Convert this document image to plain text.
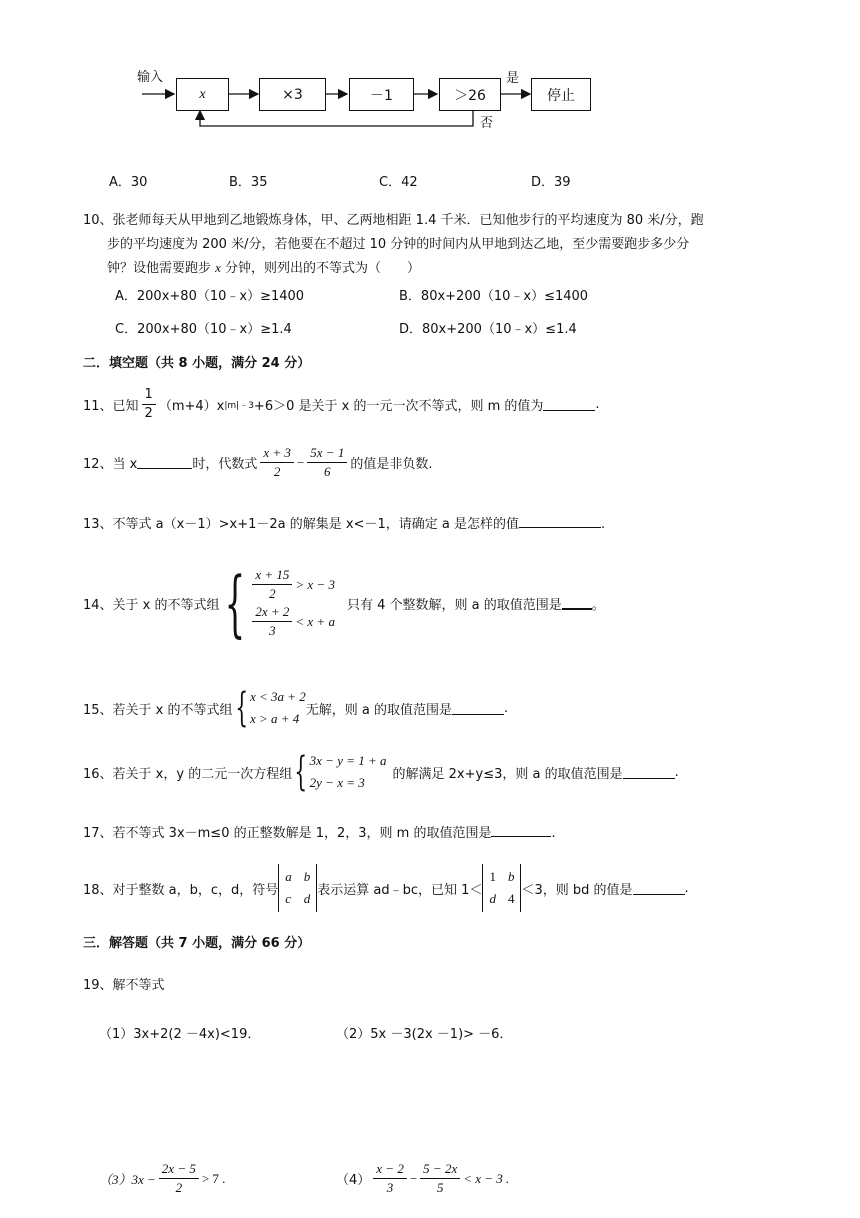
输入
x	×3	－1	＞26
是
否
停止
A．30	B．35	C．42	D．39
10、张老师每天从甲地到乙地锻炼身体，甲、乙两地相距 1.4 千米．已知他步行的平均速度为 80 米/分，跑
步的平均速度为 200 米/分，若他要在不超过 10 分钟的时间内从甲地到达乙地，至少需要跑步多少分
钟？设他需要跑步 x 分钟，则列出的不等式为（　　）
A．200x+80（10﹣x）≥1400	B．80x+200（10﹣x）≤1400
C．200x+80（10﹣x）≥1.4	D．80x+200（10﹣x）≤1.4
二．填空题（共 8 小题，满分 24 分）
11、已知 $\frac{1}{2} (m+4)x$ |m|﹣3 +6＞0 是关于 x 的一元一次不等式，则 m 的值为	.
12、当 x	时，代数式 $\frac{x + 3}{2} - \frac{5x - 1}{6}$ 的值是非负数.
13、不等式 a（x－1）>x+1－2a 的解集是 x<－1，请确定 a 是怎样的值	.
14、关于 x 的不等式组 { $\frac{x + 15}{2} > x - 3$
$\frac{2x + 2}{3} < x + a$
只有 4 个整数解，则 a 的取值范围是 。
15、若关于 x 的不等式组 { x < 3a + 2
x > a + 4
无解，则 a 的取值范围是	.
16、若关于 x，y 的二元一次方程组 { 3x − y = 1 + a
2y − x = 3
的解满足 2x+y≤3，则 a 的取值范围是	.
17、若不等式 3x－m≤0 的正整数解是 1，2，3，则 m 的取值范围是	.
18、对于整数 a，b，c，d，符号
a b
c d
表示运算 ad﹣bc，已知 1＜
1 b
d 4
＜3，则 bd 的值是	.
三．解答题（共 7 小题，满分 66 分）
19、解不等式
（1）3x+2(2 －4x)<19．	（2）5x －3(2x －1)> －6．
$(3)3x - \frac{2x - 5}{2} > 7$ .	$(4) \frac{x - 2}{3} - \frac{5 - 2x}{5} < x - 3$ .
